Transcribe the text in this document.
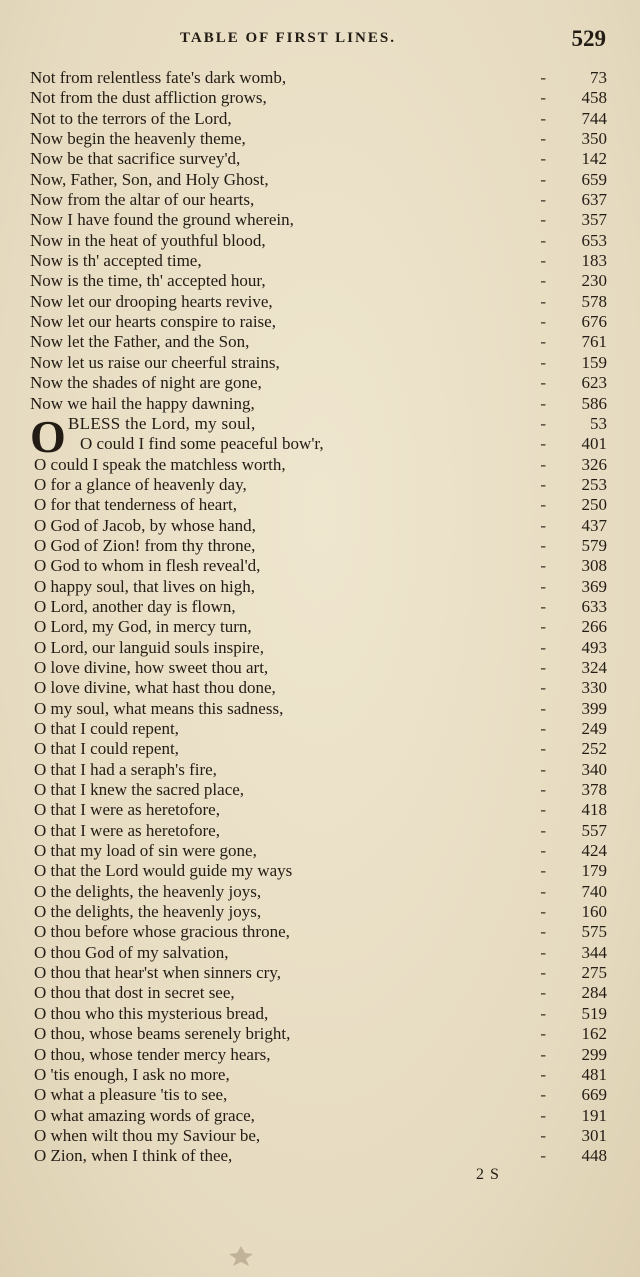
TABLE OF FIRST LINES.	529
Not from relentless fate's dark womb,	-	73
Not from the dust affliction grows,	-	458
Not to the terrors of the Lord,	-	744
Now begin the heavenly theme,	-	350
Now be that sacrifice survey'd,	-	142
Now, Father, Son, and Holy Ghost,	-	659
Now from the altar of our hearts,	-	637
Now I have found the ground wherein,	-	357
Now in the heat of youthful blood,	-	653
Now is th' accepted time,	-	183
Now is the time, th' accepted hour,	-	230
Now let our drooping hearts revive,	-	578
Now let our hearts conspire to raise,	-	676
Now let the Father, and the Son,	-	761
Now let us raise our cheerful strains,	-	159
Now the shades of night are gone,	-	623
Now we hail the happy dawning,	-	586
O BLESS the Lord, my soul,	-	53
O could I find some peaceful bow'r,	-	401
O could I speak the matchless worth,	-	326
O for a glance of heavenly day,	-	253
O for that tenderness of heart,	-	250
O God of Jacob, by whose hand,	-	437
O God of Zion! from thy throne,	-	579
O God to whom in flesh reveal'd,	-	308
O happy soul, that lives on high,	-	369
O Lord, another day is flown,	-	633
O Lord, my God, in mercy turn,	-	266
O Lord, our languid souls inspire,	-	493
O love divine, how sweet thou art,	-	324
O love divine, what hast thou done,	-	330
O my soul, what means this sadness,	-	399
O that I could repent,	-	249
O that I could repent,	-	252
O that I had a seraph's fire,	-	340
O that I knew the sacred place,	-	378
O that I were as heretofore,	-	418
O that I were as heretofore,	-	557
O that my load of sin were gone,	-	424
O that the Lord would guide my ways	-	179
O the delights, the heavenly joys,	-	740
O the delights, the heavenly joys,	-	160
O thou before whose gracious throne,	-	575
O thou God of my salvation,	-	344
O thou that hear'st when sinners cry,	-	275
O thou that dost in secret see,	-	284
O thou who this mysterious bread,	-	519
O thou, whose beams serenely bright,	-	162
O thou, whose tender mercy hears,	-	299
O 'tis enough, I ask no more,	-	481
O what a pleasure 'tis to see,	-	669
O what amazing words of grace,	-	191
O when wilt thou my Saviour be,	-	301
O Zion, when I think of thee,	-	448
2 S
